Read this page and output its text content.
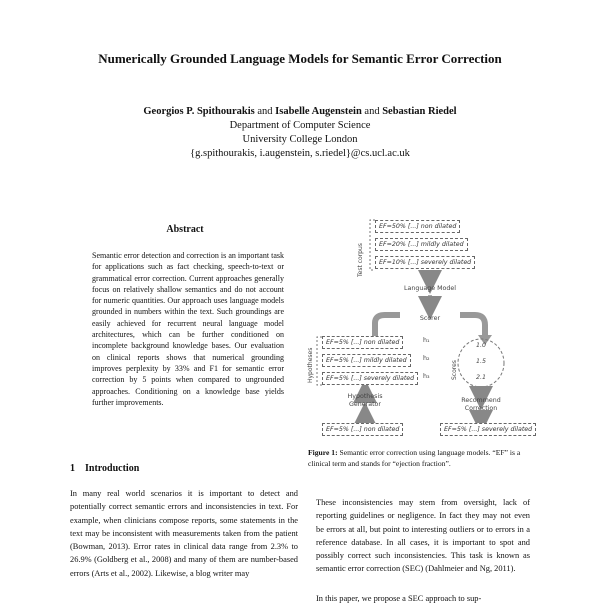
Numerically Grounded Language Models for Semantic Error Correction
Georgios P. Spithourakis and Isabelle Augenstein and Sebastian Riedel
Department of Computer Science
University College London
{g.spithourakis, i.augenstein, s.riedel}@cs.ucl.ac.uk
Abstract
Semantic error detection and correction is an important task for applications such as fact checking, speech-to-text or grammatical error correction. Current approaches generally focus on relatively shallow semantics and do not account for numeric quantities. Our approach uses language models grounded in numbers within the text. Such groundings are easily achieved for recurrent neural language model architectures, which can be further conditioned on incomplete background knowledge bases. Our evaluation on clinical reports shows that numerical grounding improves perplexity by 33% and F1 for semantic error correction by 5 points when compared to ungrounded approaches. Conditioning on a knowledge base yields further improvements.
1 Introduction
In many real world scenarios it is important to detect and potentially correct semantic errors and inconsistencies in text. For example, when clinicians compose reports, some statements in the text may be inconsistent with measurements taken from the patient (Bowman, 2013). Error rates in clinical data range from 2.3% to 26.9% (Goldberg et al., 2008) and many of them are number-based errors (Arts et al., 2002). Likewise, a blog writer may
Test corpus
EF=50% [...] non dilated
EF=20% [...] mildly dilated
EF=10% [...] severely dilated
Language Model
Scorer
Hypotheses
EF=5% [...] non dilated
EF=5% [...] mildly dilated
EF=5% [...] severely dilated
h₁
h₂
h₃	Scores
1.0
1.5
2.1
Hypothesis Generator
Recommend Correction
EF=5% [...] non dilated	EF=5% [...] severely dilated
Figure 1: Semantic error correction using language models. “EF” is a clinical term and stands for “ejection fraction”.
These inconsistencies may stem from oversight, lack of reporting guidelines or negligence. In fact they may not even be errors at all, but point to interesting outliers or to errors in a reference database. In all cases, it is important to spot and possibly correct such inconsistencies. This task is known as semantic error correction (SEC) (Dahlmeier and Ng, 2011).
In this paper, we propose a SEC approach to sup-
